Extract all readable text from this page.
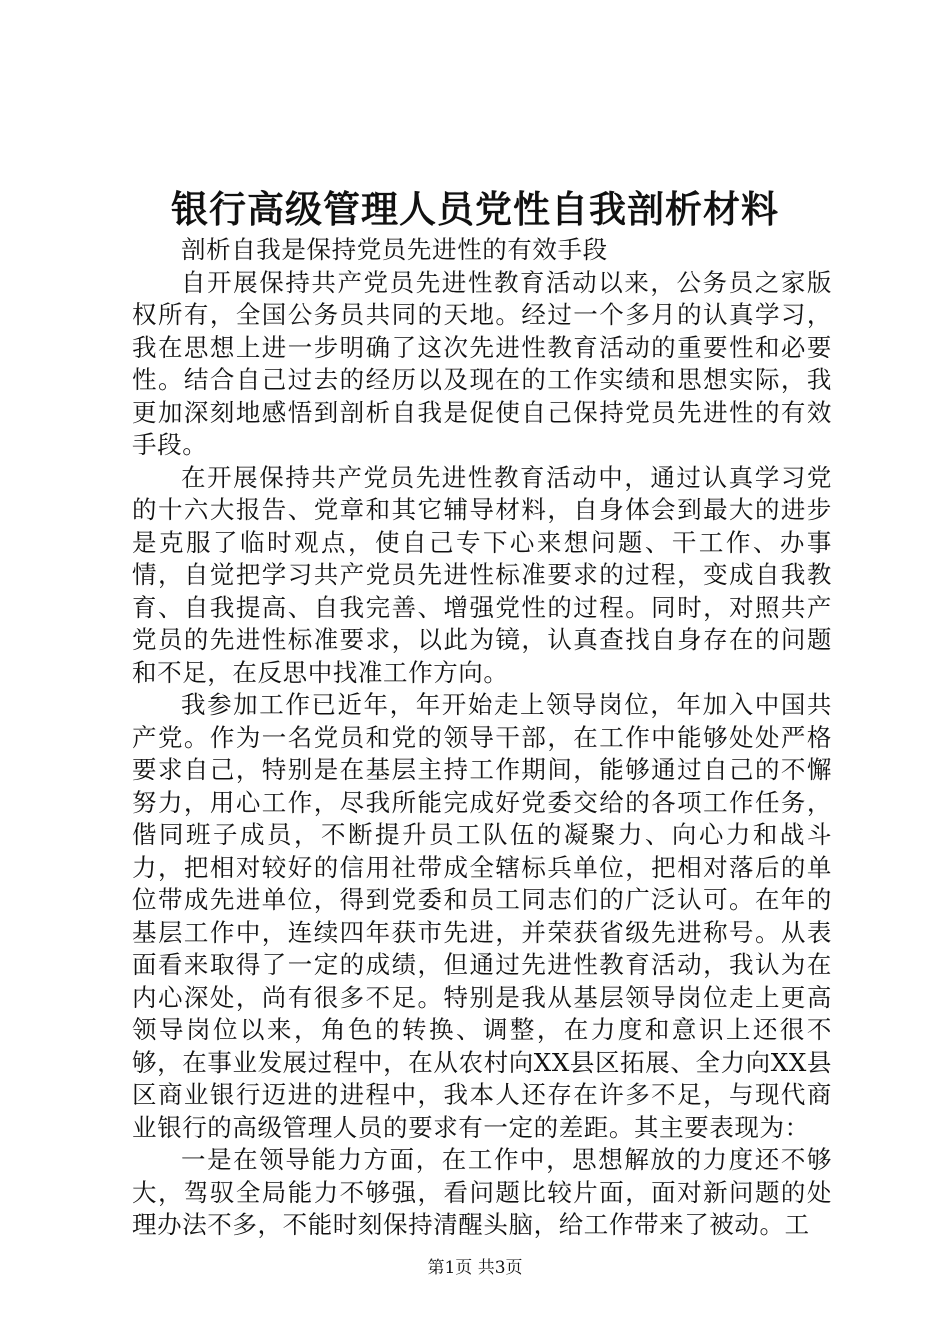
银行高级管理人员党性自我剖析材料

剖析自我是保持党员先进性的有效手段

自开展保持共产党员先进性教育活动以来，公务员之家版权所有，全国公务员共同的天地。经过一个多月的认真学习，我在思想上进一步明确了这次先进性教育活动的重要性和必要性。结合自己过去的经历以及现在的工作实绩和思想实际，我更加深刻地感悟到剖析自我是促使自己保持党员先进性的有效手段。

在开展保持共产党员先进性教育活动中，通过认真学习党的十六大报告、党章和其它辅导材料，自身体会到最大的进步是克服了临时观点，使自己专下心来想问题、干工作、办事情，自觉把学习共产党员先进性标准要求的过程，变成自我教育、自我提高、自我完善、增强党性的过程。同时，对照共产党员的先进性标准要求，以此为镜，认真查找自身存在的问题和不足，在反思中找准工作方向。

我参加工作已近年，年开始走上领导岗位，年加入中国共产党。作为一名党员和党的领导干部，在工作中能够处处严格要求自己，特别是在基层主持工作期间，能够通过自己的不懈努力，用心工作，尽我所能完成好党委交给的各项工作任务，偕同班子成员，不断提升员工队伍的凝聚力、向心力和战斗力，把相对较好的信用社带成全辖标兵单位，把相对落后的单位带成先进单位，得到党委和员工同志们的广泛认可。在年的基层工作中，连续四年获市先进，并荣获省级先进称号。从表面看来取得了一定的成绩，但通过先进性教育活动，我认为在内心深处，尚有很多不足。特别是我从基层领导岗位走上更高领导岗位以来，角色的转换、调整，在力度和意识上还很不够，在事业发展过程中，在从农村向XX县区拓展、全力向XX县区商业银行迈进的进程中，我本人还存在许多不足，与现代商业银行的高级管理人员的要求有一定的差距。其主要表现为：

一是在领导能力方面，在工作中，思想解放的力度还不够大，驾驭全局能力不够强，看问题比较片面，面对新问题的处理办法不多，不能时刻保持清醒头脑，给工作带来了被动。工

第1页 共3页
